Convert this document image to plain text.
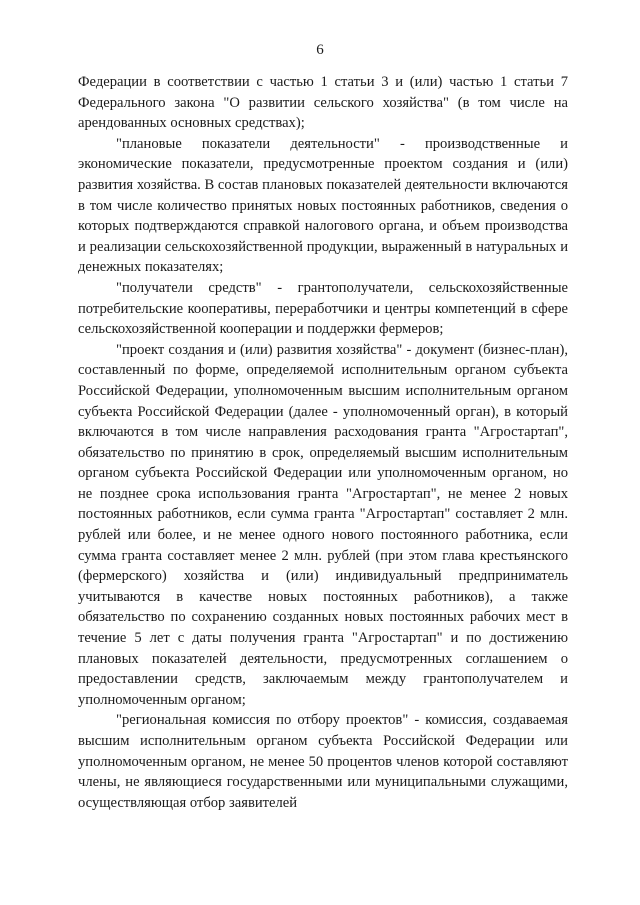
6

Федерации в соответствии с частью 1 статьи 3 и (или) частью 1 статьи 7 Федерального закона "О развитии сельского хозяйства" (в том числе на арендованных основных средствах);

"плановые показатели деятельности" - производственные и экономические показатели, предусмотренные проектом создания и (или) развития хозяйства. В состав плановых показателей деятельности включаются в том числе количество принятых новых постоянных работников, сведения о которых подтверждаются справкой налогового органа, и объем производства и реализации сельскохозяйственной продукции, выраженный в натуральных и денежных показателях;

"получатели средств" - грантополучатели, сельскохозяйственные потребительские кооперативы, переработчики и центры компетенций в сфере сельскохозяйственной кооперации и поддержки фермеров;

"проект создания и (или) развития хозяйства" - документ (бизнес-план), составленный по форме, определяемой исполнительным органом субъекта Российской Федерации, уполномоченным высшим исполнительным органом субъекта Российской Федерации (далее - уполномоченный орган), в который включаются в том числе направления расходования гранта "Агростартап", обязательство по принятию в срок, определяемый высшим исполнительным органом субъекта Российской Федерации или уполномоченным органом, но не позднее срока использования гранта "Агростартап", не менее 2 новых постоянных работников, если сумма гранта "Агростартап" составляет 2 млн. рублей или более, и не менее одного нового постоянного работника, если сумма гранта составляет менее 2 млн. рублей (при этом глава крестьянского (фермерского) хозяйства и (или) индивидуальный предприниматель учитываются в качестве новых постоянных работников), а также обязательство по сохранению созданных новых постоянных рабочих мест в течение 5 лет с даты получения гранта "Агростартап" и по достижению плановых показателей деятельности, предусмотренных соглашением о предоставлении средств, заключаемым между грантополучателем и уполномоченным органом;

"региональная комиссия по отбору проектов" - комиссия, создаваемая высшим исполнительным органом субъекта Российской Федерации или уполномоченным органом, не менее 50 процентов членов которой составляют члены, не являющиеся государственными или муниципальными служащими, осуществляющая отбор заявителей
